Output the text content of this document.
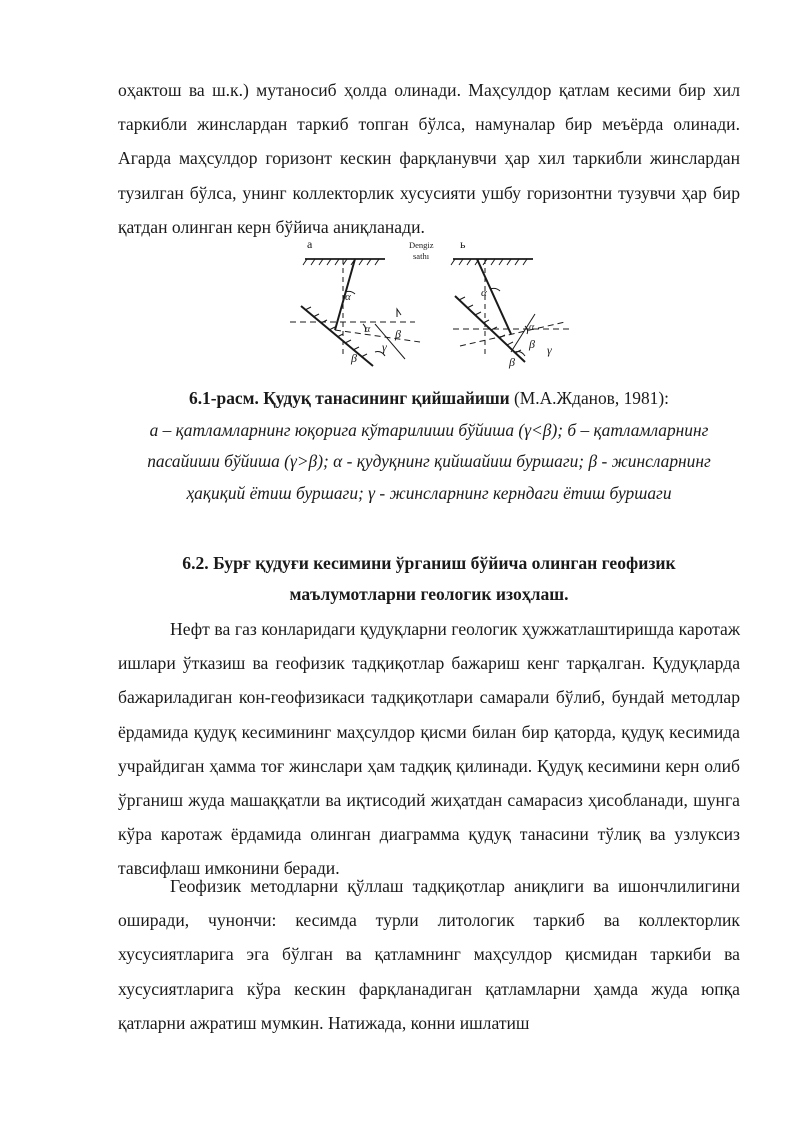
оҳактош ва ш.к.) мутаносиб ҳолда олинади. Маҳсулдор қатлам кесими бир хил таркибли жинслардан таркиб топган бўлса, намуналар бир меъёрда олинади. Агарда маҳсулдор горизонт кескин фарқланувчи ҳар хил таркибли жинслардан тузилган бўлса, унинг коллекторлик хусусияти ушбу горизонтни тузувчи ҳар бир қатдан олинган керн бўйича аниқланади.

a	ь
Dengiz
sathı
α
α β
γ
β
α
α
β γ
β

6.1-расм. Қудуқ танасининг қийшайиши (М.А.Жданов, 1981):
а – қатламларнинг юқорига кўтарилиши бўйиша (γ<β); б – қатламларнинг пасайиши бўйиша (γ>β); α - қудуқнинг қийшайиш буршаги; β - жинсларнинг ҳақиқий ётиш буршаги; γ - жинсларнинг керндаги ётиш буршаги

6.2. Бурғ қудуғи кесимини ўрганиш бўйича олинган геофизик
маълумотларни геологик изоҳлаш.

Нефт ва газ конларидаги қудуқларни геологик ҳужжатлаштиришда каротаж ишлари ўтказиш ва геофизик тадқиқотлар бажариш кенг тарқалган. Қудуқларда бажариладиган кон-геофизикаси тадқиқотлари самарали бўлиб, бундай методлар ёрдамида қудуқ кесимининг маҳсулдор қисми билан бир қаторда, қудуқ кесимида учрайдиган ҳамма тоғ жинслари ҳам тадқиқ қилинади. Қудуқ кесимини керн олиб ўрганиш жуда машаққатли ва иқтисодий жиҳатдан самарасиз ҳисобланади, шунга кўра каротаж ёрдамида олинган диаграмма қудуқ танасини тўлиқ ва узлуксиз тавсифлаш имконини беради.

Геофизик методларни қўллаш тадқиқотлар аниқлиги ва ишончлилигини оширади, чунончи: кесимда турли литологик таркиб ва коллекторлик хусусиятларига эга бўлган ва қатламнинг маҳсулдор қисмидан таркиби ва хусусиятларига кўра кескин фарқланадиган қатламларни ҳамда жуда юпқа қатларни ажратиш мумкин. Натижада, конни ишлатиш
